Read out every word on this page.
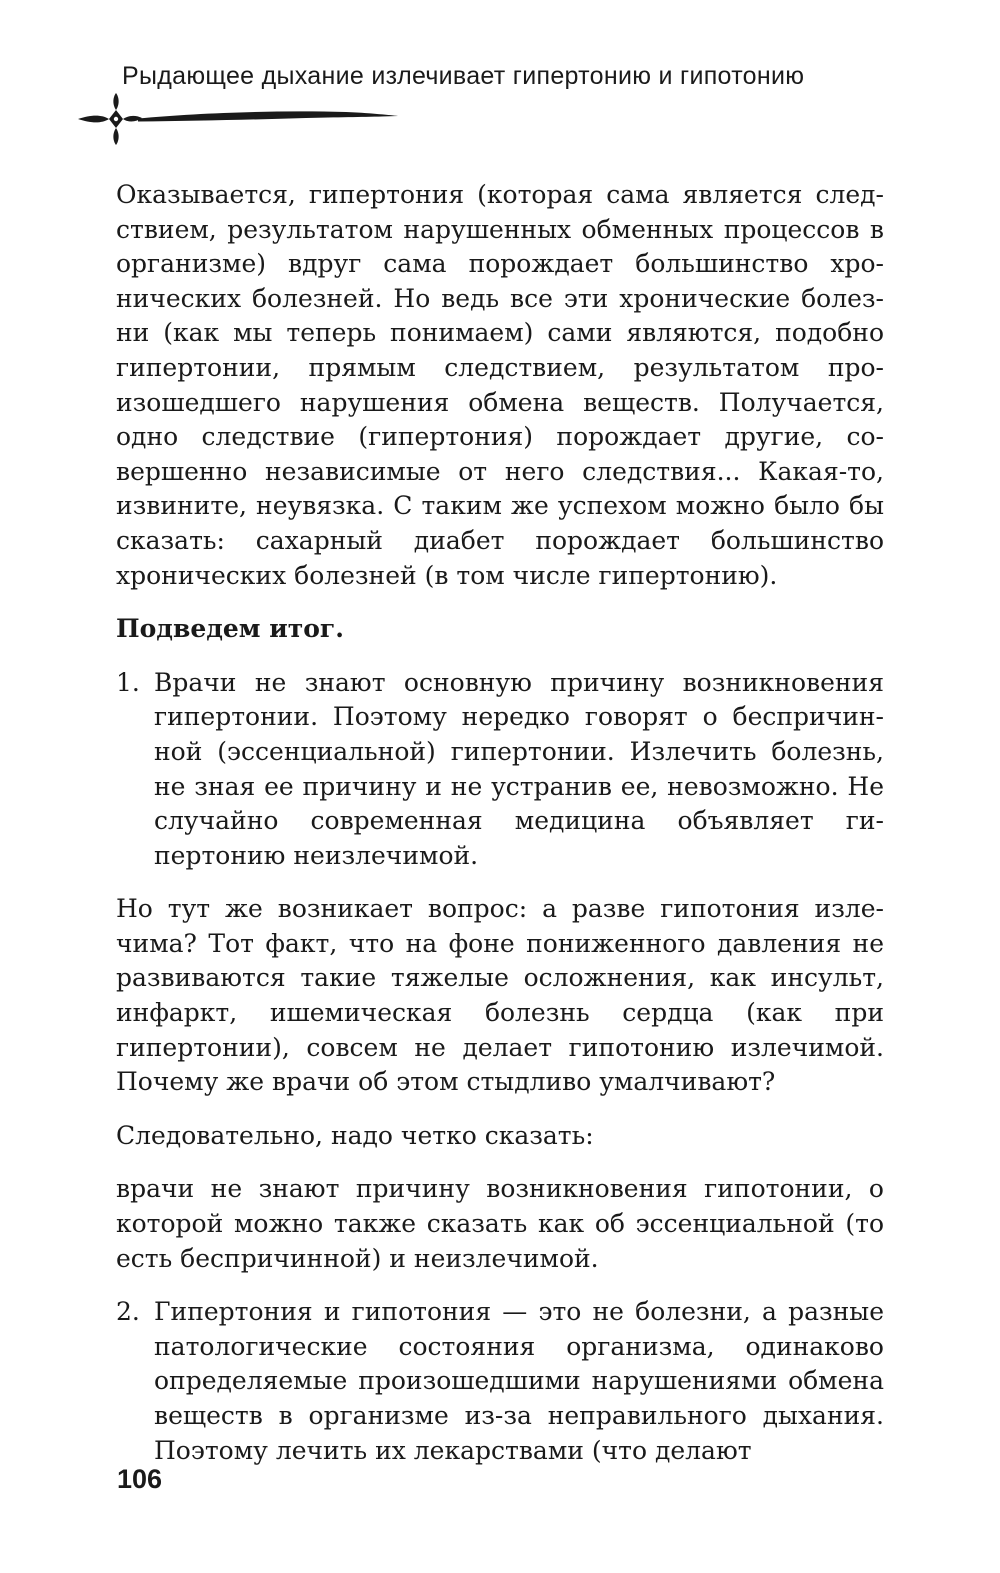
Рыдающее дыхание излечивает гипертонию и гипотонию

Оказывается, гипертония (которая сама является следствием, результатом нарушенных обменных процессов в организме) вдруг сама порождает большинство хронических болезней. Но ведь все эти хронические болезни (как мы теперь понимаем) сами являются, подобно гипертонии, прямым следствием, результатом произошедшего нарушения обмена веществ. Получается, одно следствие (гипертония) порождает другие, совершенно независимые от него следствия... Какая-то, извините, неувязка. С таким же успехом можно было бы сказать: сахарный диабет порождает большинство хронических болезней (в том числе гипертонию).

Подведем итог.

1. Врачи не знают основную причину возникновения гипертонии. Поэтому нередко говорят о беспричинной (эссенциальной) гипертонии. Излечить болезнь, не зная ее причину и не устранив ее, невозможно. Не случайно современная медицина объявляет гипертонию неизлечимой.

Но тут же возникает вопрос: а разве гипотония излечима? Тот факт, что на фоне пониженного давления не развиваются такие тяжелые осложнения, как инсульт, инфаркт, ишемическая болезнь сердца (как при гипертонии), совсем не делает гипотонию излечимой. Почему же врачи об этом стыдливо умалчивают?

Следовательно, надо четко сказать:

врачи не знают причину возникновения гипотонии, о которой можно также сказать как об эссенциальной (то есть беспричинной) и неизлечимой.

2. Гипертония и гипотония — это не болезни, а разные патологические состояния организма, одинаково определяемые произошедшими нарушениями обмена веществ в организме из-за неправильного дыхания. Поэтому лечить их лекарствами (что делают
106
